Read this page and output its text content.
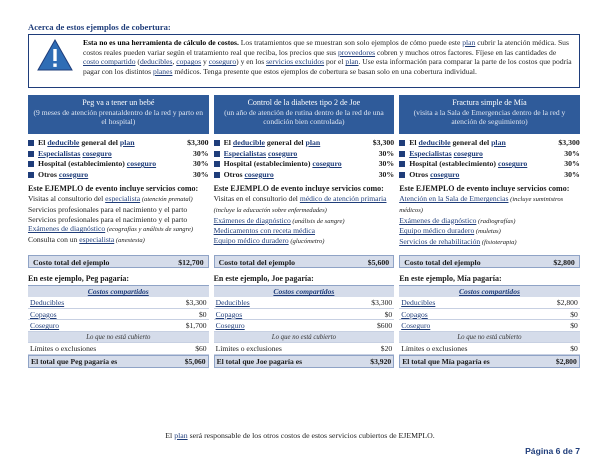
Acerca de estos ejemplos de cobertura:
Esta no es una herramienta de cálculo de costos. Los tratamientos que se muestran son solo ejemplos de cómo puede este plan cubrir la atención médica. Sus costos reales pueden variar según el tratamiento real que reciba, los precios que sus proveedores cobren y muchos otros factores. Fíjese en las cantidades de costo compartido (deducibles, copagos y coseguro) y en los servicios excluidos por el plan. Use esta información para comparar la parte de los costos que podría pagar con los distintos planes médicos. Tenga presente que estos ejemplos de cobertura se basan solo en una cobertura individual.
Peg va a tener un bebé
(9 meses de atención prenataldentro de la red y parto en el hospital)
El deducible general del plan	$3,300
Especialistas coseguro	30%
Hospital (establecimiento) coseguro	30%
Otros coseguro	30%
Este EJEMPLO de evento incluye servicios como:
Visitas al consultorio del especialista (atención prenatal)
Servicios profesionales para el nacimiento y el parto
Servicios profesionales para el nacimiento y el parto
Exámenes de diagnóstico (ecografías y análisis de sangre)
Consulta con un especialista (anestesia)
Costo total del ejemplo	$12,700
En este ejemplo, Peg pagaría:
Costos compartidos
Deducibles	$3,300
Copagos	$0
Coseguro	$1,700
Lo que no está cubierto
Límites o exclusiones	$60
El total que Peg pagaría es	$5,060
Control de la diabetes tipo 2 de Joe
(un año de atención de rutina dentro de la red de una condición bien controlada)
El deducible general del plan	$3,300
Especialistas coseguro	30%
Hospital (establecimiento) coseguro	30%
Otros coseguro	30%
Este EJEMPLO de evento incluye servicios como:
Visitas en el consultorio del médico de atención primaria (incluye la educación sobre enfermedades)
Exámenes de diagnóstico (análisis de sangre)
Medicamentos con receta médica
Equipo médico duradero (glucómetro)
Costo total del ejemplo	$5,600
En este ejemplo, Joe pagaría:
Costos compartidos
Deducibles	$3,300
Copagos	$0
Coseguro	$600
Lo que no está cubierto
Límites o exclusiones	$20
El total que Joe pagaría es	$3,920
Fractura simple de Mía
(visita a la Sala de Emergencias dentro de la red y atención de seguimiento)
El deducible general del plan	$3,300
Especialistas coseguro	30%
Hospital (establecimiento) coseguro	30%
Otros coseguro	30%
Este EJEMPLO de evento incluye servicios como:
Atención en la Sala de Emergencias (incluye suministros médicos)
Exámenes de diagnóstico (radiografías)
Equipo médico duradero (muletas)
Servicios de rehabilitación (fisioterapia)
Costo total del ejemplo	$2,800
En este ejemplo, Mía pagaría:
Costos compartidos
Deducibles	$2,800
Copagos	$0
Coseguro	$0
Lo que no está cubierto
Límites o exclusiones	$0
El total que Mía pagaría es	$2,800
El plan será responsable de los otros costos de estos servicios cubiertos de EJEMPLO.
Página 6 de 7
